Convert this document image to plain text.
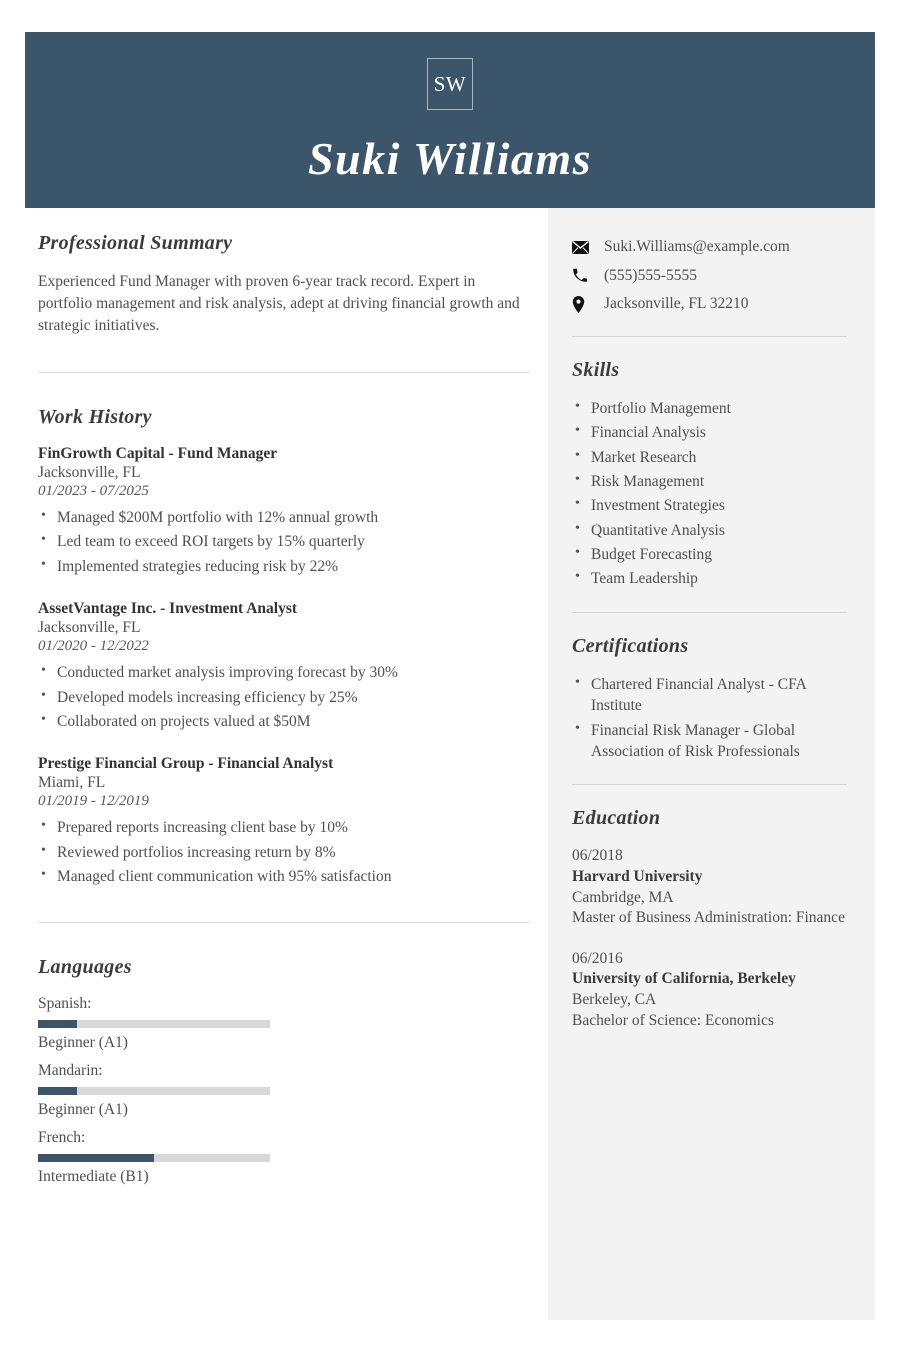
SW
Suki Williams
Suki.Williams@example.com
(555)555-5555
Jacksonville, FL 32210
Skills
• Portfolio Management
• Financial Analysis
• Market Research
• Risk Management
• Investment Strategies
• Quantitative Analysis
• Budget Forecasting
• Team Leadership
Certifications
• Chartered Financial Analyst - CFA Institute
• Financial Risk Manager - Global Association of Risk Professionals
Education
06/2018
Harvard University
Cambridge, MA
Master of Business Administration: Finance
06/2016
University of California, Berkeley
Berkeley, CA
Bachelor of Science: Economics
Professional Summary

Experienced Fund Manager with proven 6-year track record. Expert in portfolio management and risk analysis, adept at driving financial growth and strategic initiatives.

Work History
FinGrowth Capital - Fund Manager
Jacksonville, FL
01/2023 - 07/2025
• Managed $200M portfolio with 12% annual growth
• Led team to exceed ROI targets by 15% quarterly
• Implemented strategies reducing risk by 22%
AssetVantage Inc. - Investment Analyst
Jacksonville, FL
01/2020 - 12/2022
• Conducted market analysis improving forecast by 30%
• Developed models increasing efficiency by 25%
• Collaborated on projects valued at $50M
Prestige Financial Group - Financial Analyst
Miami, FL
01/2019 - 12/2019
• Prepared reports increasing client base by 10%
• Reviewed portfolios increasing return by 8%
• Managed client communication with 95% satisfaction
Languages
Spanish:
Beginner (A1)
Mandarin:
Beginner (A1)
French:
Intermediate (B1)
